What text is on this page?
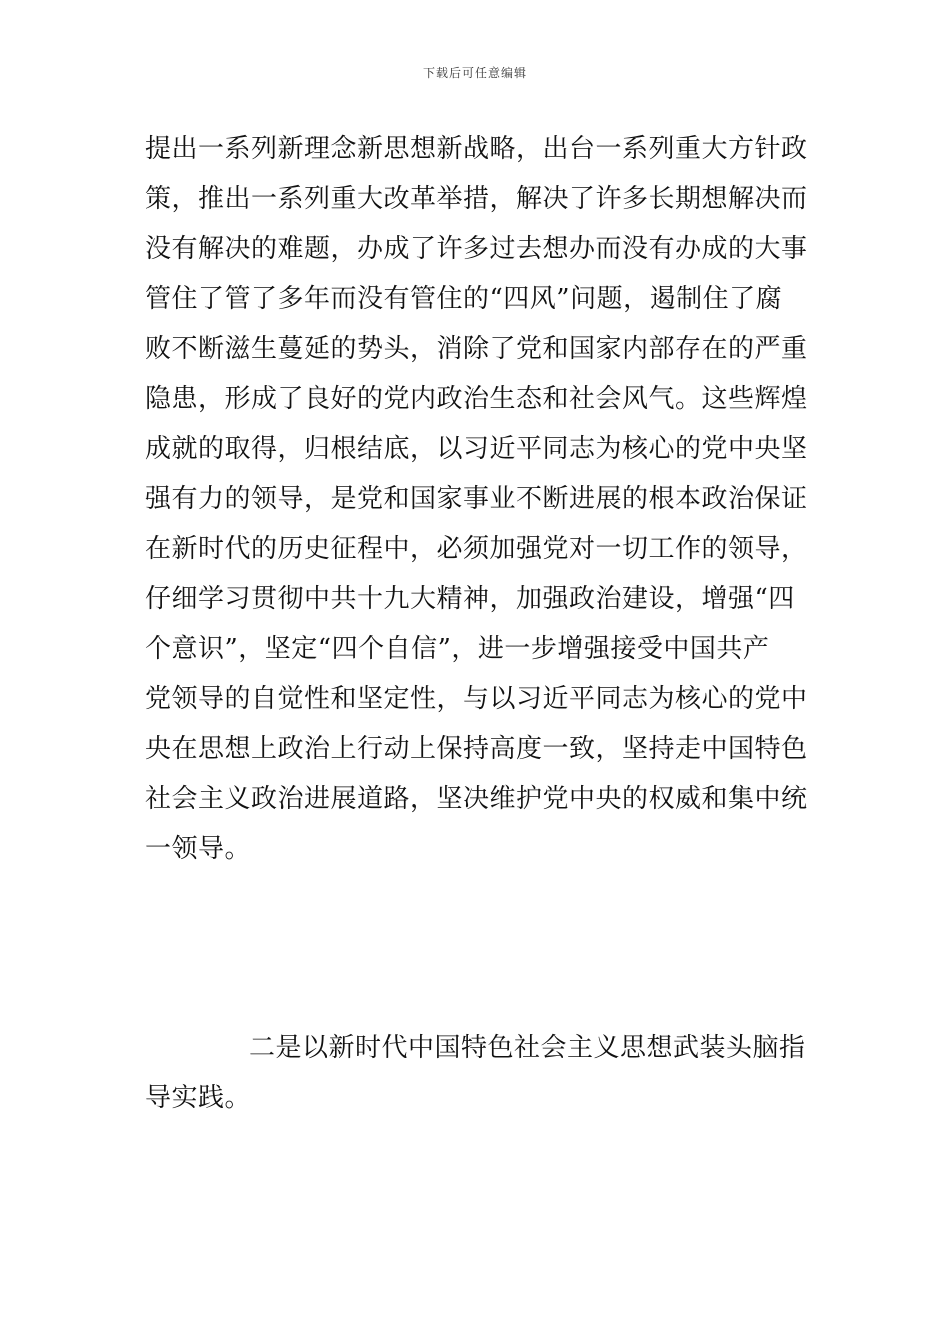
下载后可任意编辑
提出一系列新理念新思想新战略，出台一系列重大方针政
策，推出一系列重大改革举措，解决了许多长期想解决而
没有解决的难题，办成了许多过去想办而没有办成的大事
管住了管了多年而没有管住的“四风”问题，遏制住了腐
败不断滋生蔓延的势头，消除了党和国家内部存在的严重
隐患，形成了良好的党内政治生态和社会风气。这些辉煌
成就的取得，归根结底，以习近平同志为核心的党中央坚
强有力的领导，是党和国家事业不断进展的根本政治保证
在新时代的历史征程中，必须加强党对一切工作的领导，
仔细学习贯彻中共十九大精神，加强政治建设，增强“四
个意识”，坚定“四个自信”，进一步增强接受中国共产
党领导的自觉性和坚定性，与以习近平同志为核心的党中
央在思想上政治上行动上保持高度一致，坚持走中国特色
社会主义政治进展道路，坚决维护党中央的权威和集中统
一领导。
二是以新时代中国特色社会主义思想武装头脑指
导实践。
